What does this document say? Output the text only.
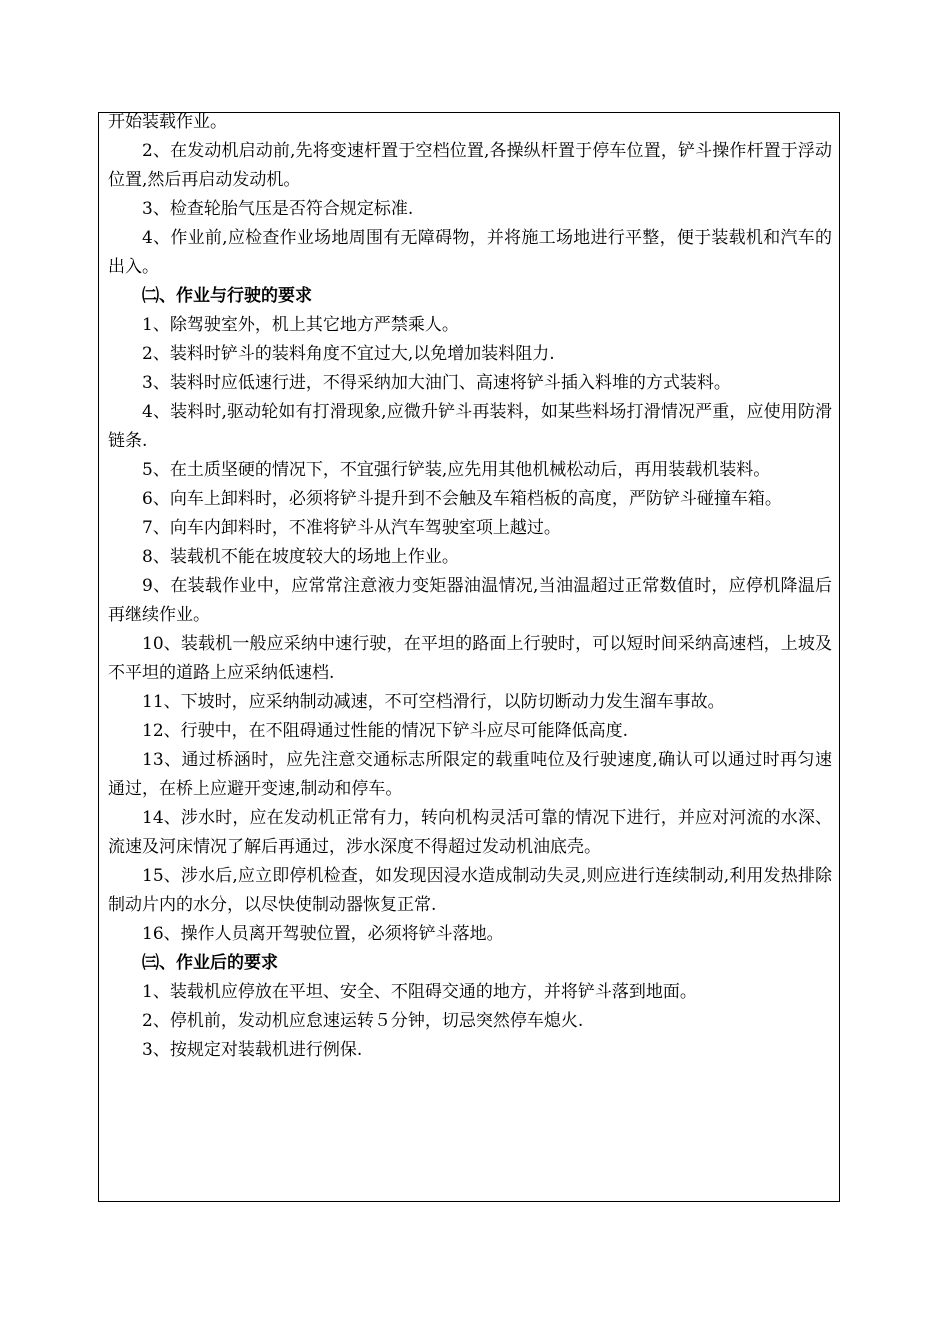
开始装载作业。

2、在发动机启动前,先将变速杆置于空档位置,各操纵杆置于停车位置，铲斗操作杆置于浮动位置,然后再启动发动机。

3、检查轮胎气压是否符合规定标准.

4、作业前,应检查作业场地周围有无障碍物，并将施工场地进行平整，便于装载机和汽车的出入。

㈡、作业与行驶的要求

1、除驾驶室外，机上其它地方严禁乘人。

2、装料时铲斗的装料角度不宜过大,以免增加装料阻力.

3、装料时应低速行进，不得采纳加大油门、高速将铲斗插入料堆的方式装料。

4、装料时,驱动轮如有打滑现象,应微升铲斗再装料，如某些料场打滑情况严重，应使用防滑链条.

5、在土质坚硬的情况下，不宜强行铲装,应先用其他机械松动后，再用装载机装料。

6、向车上卸料时，必须将铲斗提升到不会触及车箱档板的高度，严防铲斗碰撞车箱。

7、向车内卸料时，不准将铲斗从汽车驾驶室项上越过。

8、装载机不能在坡度较大的场地上作业。

9、在装载作业中，应常常注意液力变矩器油温情况,当油温超过正常数值时，应停机降温后再继续作业。

10、装载机一般应采纳中速行驶，在平坦的路面上行驶时，可以短时间采纳高速档，上坡及不平坦的道路上应采纳低速档.

11、下坡时，应采纳制动减速，不可空档滑行，以防切断动力发生溜车事故。

12、行驶中，在不阻碍通过性能的情况下铲斗应尽可能降低高度.

13、通过桥涵时，应先注意交通标志所限定的载重吨位及行驶速度,确认可以通过时再匀速通过，在桥上应避开变速,制动和停车。

14、涉水时，应在发动机正常有力，转向机构灵活可靠的情况下进行，并应对河流的水深、流速及河床情况了解后再通过，涉水深度不得超过发动机油底壳。

15、涉水后,应立即停机检查，如发现因浸水造成制动失灵,则应进行连续制动,利用发热排除制动片内的水分，以尽快使制动器恢复正常.

16、操作人员离开驾驶位置，必须将铲斗落地。

㈢、作业后的要求

1、装载机应停放在平坦、安全、不阻碍交通的地方，并将铲斗落到地面。

2、停机前，发动机应怠速运转５分钟，切忌突然停车熄火.

3、按规定对装载机进行例保.
